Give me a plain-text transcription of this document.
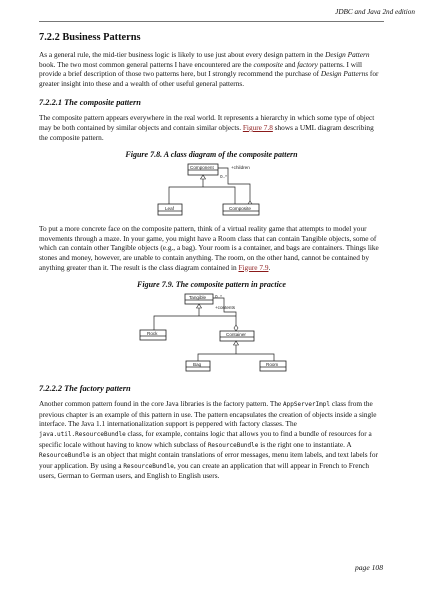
JDBC and Java 2nd edition
7.2.2 Business Patterns

As a general rule, the mid-tier business logic is likely to use just about every design pattern in the Design Pattern book. The two most common general patterns I have encountered are the composite and factory patterns. I will provide a brief description of those two patterns here, but I strongly recommend the purchase of Design Patterns for greater insight into these and a wealth of other useful general patterns.

7.2.2.1 The composite pattern

The composite pattern appears everywhere in the real world. It represents a hierarchy in which some type of object may be both contained by similar objects and contain similar objects. Figure 7.8 shows a UML diagram describing the composite pattern.

Figure 7.8. A class diagram of the composite pattern
Component	+children
0..*
Leaf	Composite

To put a more concrete face on the composite pattern, think of a virtual reality game that attempts to model your movements through a maze. In your game, you might have a Room class that can contain Tangible objects, some of which can contain other Tangible objects (e.g., a bag). Your room is a container, and bags are containers. Things like stones and money, however, are unable to contain anything. The room, on the other hand, cannot be contained by anything greater than it. The result is the class diagram contained in Figure 7.9.

Figure 7.9. The composite pattern in practice
Tangible 0..*
+contents
Rock	Container
Bag	Room
7.2.2.2 The factory pattern

Another common pattern found in the core Java libraries is the factory pattern. The AppServerImpl class from the previous chapter is an example of this pattern in use. The pattern encapsulates the creation of objects inside a single interface. The Java 1.1 internationalization support is peppered with factory classes. The java.util.ResourceBundle class, for example, contains logic that allows you to find a bundle of resources for a specific locale without having to know which subclass of ResourceBundle is the right one to instantiate. A ResourceBundle is an object that might contain translations of error messages, menu item labels, and text labels for your application. By using a ResourceBundle, you can create an application that will appear in French to French users, German to German users, and English to English users.

page 108
